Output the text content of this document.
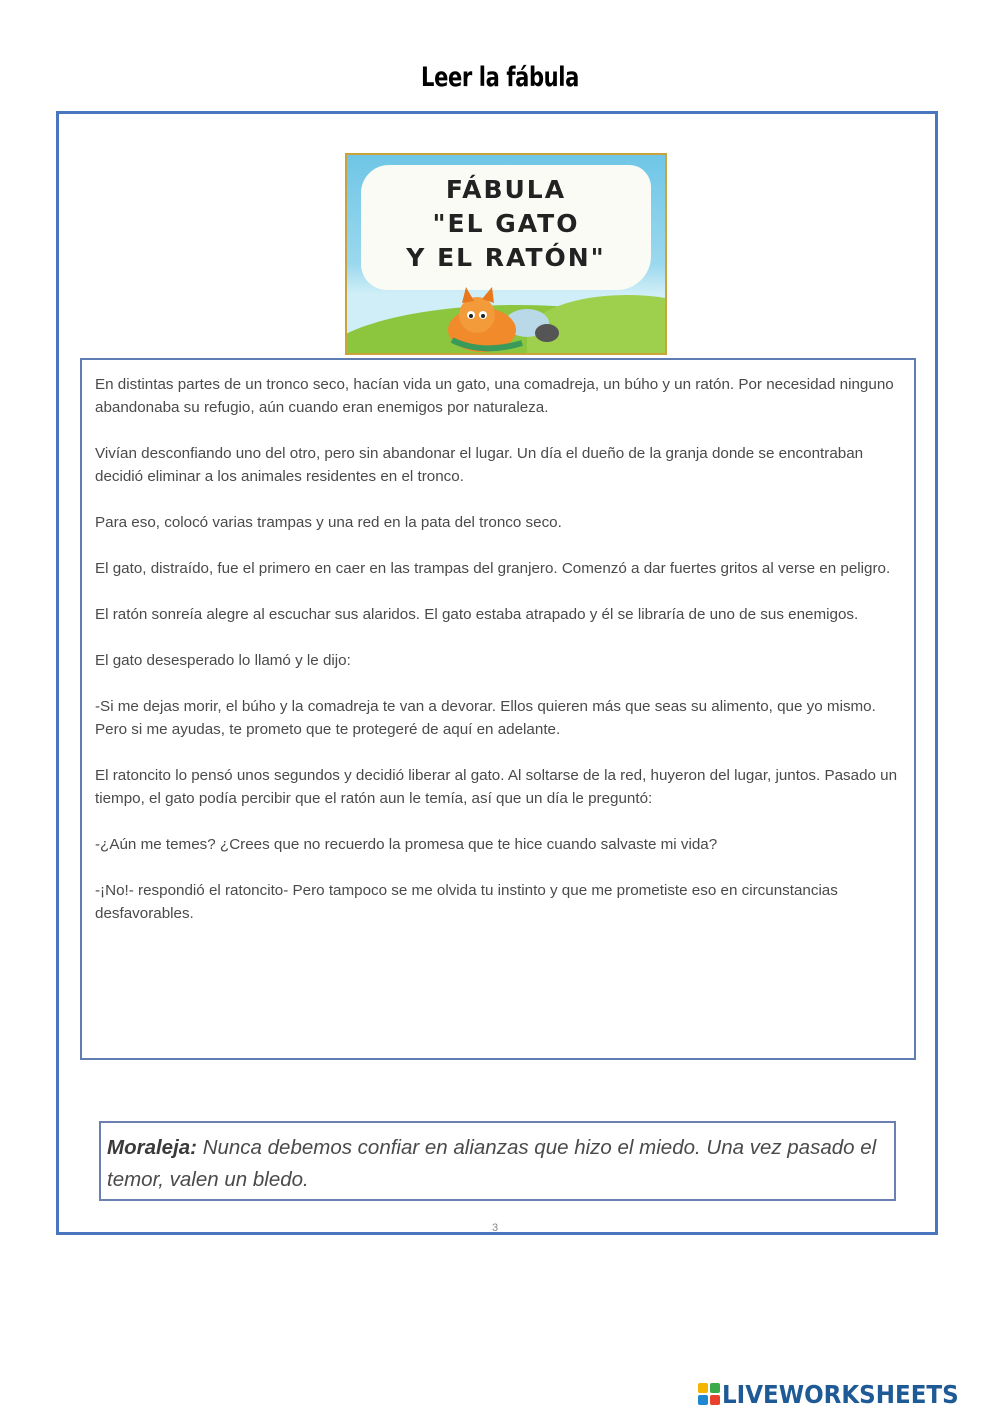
Leer la fábula
FÁBULA
"EL GATO
Y EL RATÓN"

En distintas partes de un tronco seco, hacían vida un gato, una comadreja, un búho y un ratón. Por necesidad ninguno abandonaba su refugio, aún cuando eran enemigos por naturaleza.

Vivían desconfiando uno del otro, pero sin abandonar el lugar. Un día el dueño de la granja donde se encontraban decidió eliminar a los animales residentes en el tronco.

Para eso, colocó varias trampas y una red en la pata del tronco seco.

El gato, distraído, fue el primero en caer en las trampas del granjero. Comenzó a dar fuertes gritos al verse en peligro.

El ratón sonreía alegre al escuchar sus alaridos. El gato estaba atrapado y él se libraría de uno de sus enemigos.

El gato desesperado lo llamó y le dijo:

-Si me dejas morir, el búho y la comadreja te van a devorar. Ellos quieren más que seas su alimento, que yo mismo. Pero si me ayudas, te prometo que te protegeré de aquí en adelante.

El ratoncito lo pensó unos segundos y decidió liberar al gato. Al soltarse de la red, huyeron del lugar, juntos. Pasado un tiempo, el gato podía percibir que el ratón aun le temía, así que un día le preguntó:

-¿Aún me temes? ¿Crees que no recuerdo la promesa que te hice cuando salvaste mi vida?

-¡No!- respondió el ratoncito- Pero tampoco se me olvida tu instinto y que me prometiste eso en circunstancias desfavorables.

Moraleja: Nunca debemos confiar en alianzas que hizo el miedo. Una vez pasado el temor, valen un bledo.
3
LIVEWORKSHEETS
